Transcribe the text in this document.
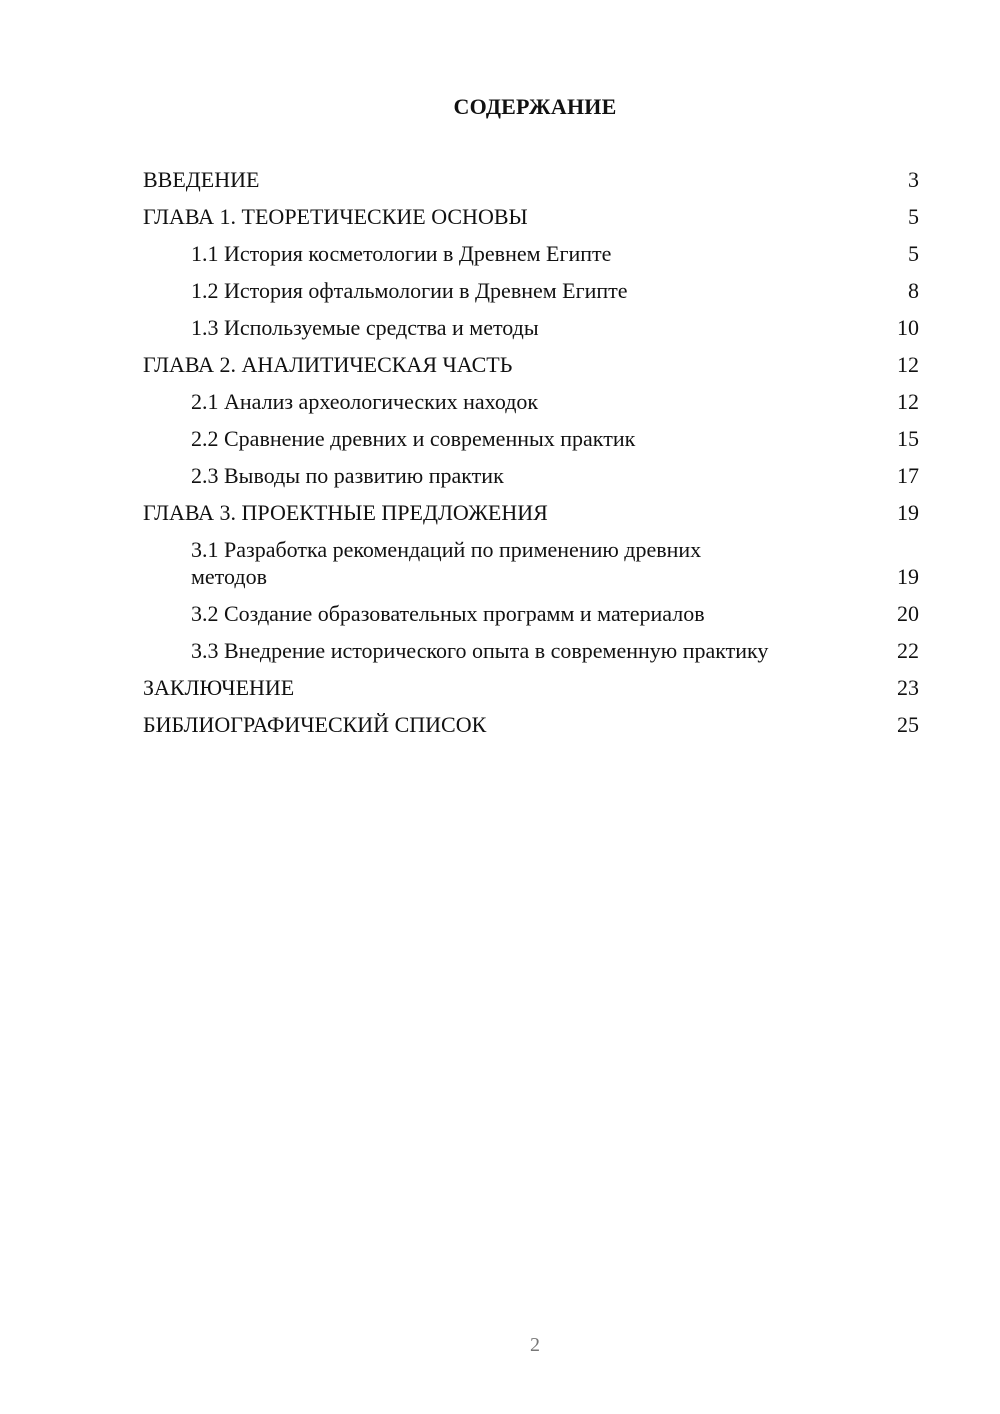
СОДЕРЖАНИЕ
ВВЕДЕНИЕ	3
ГЛАВА 1. ТЕОРЕТИЧЕСКИЕ ОСНОВЫ	5
1.1 История косметологии в Древнем Египте	5
1.2 История офтальмологии в Древнем Египте	8
1.3 Используемые средства и методы	10
ГЛАВА 2. АНАЛИТИЧЕСКАЯ ЧАСТЬ	12
2.1 Анализ археологических находок	12
2.2 Сравнение древних и современных практик	15
2.3 Выводы по развитию практик	17
ГЛАВА 3. ПРОЕКТНЫЕ ПРЕДЛОЖЕНИЯ	19
3.1 Разработка рекомендаций по применению древних методов	19
3.2 Создание образовательных программ и материалов	20
3.3 Внедрение исторического опыта в современную практику	22
ЗАКЛЮЧЕНИЕ	23
БИБЛИОГРАФИЧЕСКИЙ СПИСОК	25
2
